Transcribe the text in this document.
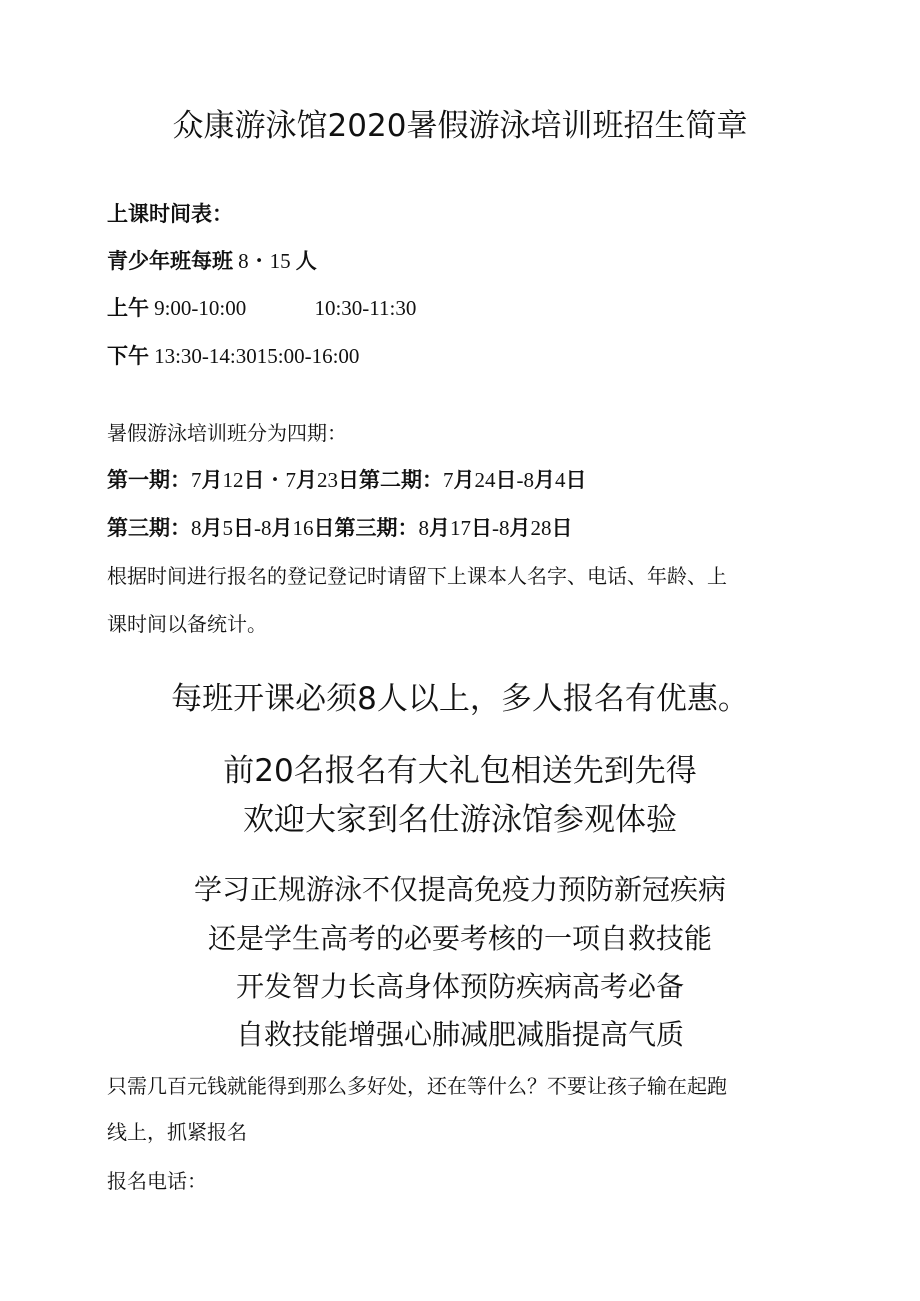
众康游泳馆2020暑假游泳培训班招生简章
上课时间表：
青少年班每班 8・15 人
上午 9:00-10:00	10:30-11:30
下午 13:30-14:3015:00-16:00
暑假游泳培训班分为四期：
第一期：7月12日・7月23日第二期：7月24日-8月4日
第三期：8月5日-8月16日第三期：8月17日-8月28日
根据时间进行报名的登记登记时请留下上课本人名字、电话、年龄、上
课时间以备统计。
每班开课必须8人以上，多人报名有优惠。
前20名报名有大礼包相送先到先得
欢迎大家到名仕游泳馆参观体验
学习正规游泳不仅提高免疫力预防新冠疾病
还是学生高考的必要考核的一项自救技能
开发智力长高身体预防疾病高考必备
自救技能增强心肺减肥减脂提高气质
只需几百元钱就能得到那么多好处，还在等什么？不要让孩子输在起跑
线上，抓紧报名
报名电话：
